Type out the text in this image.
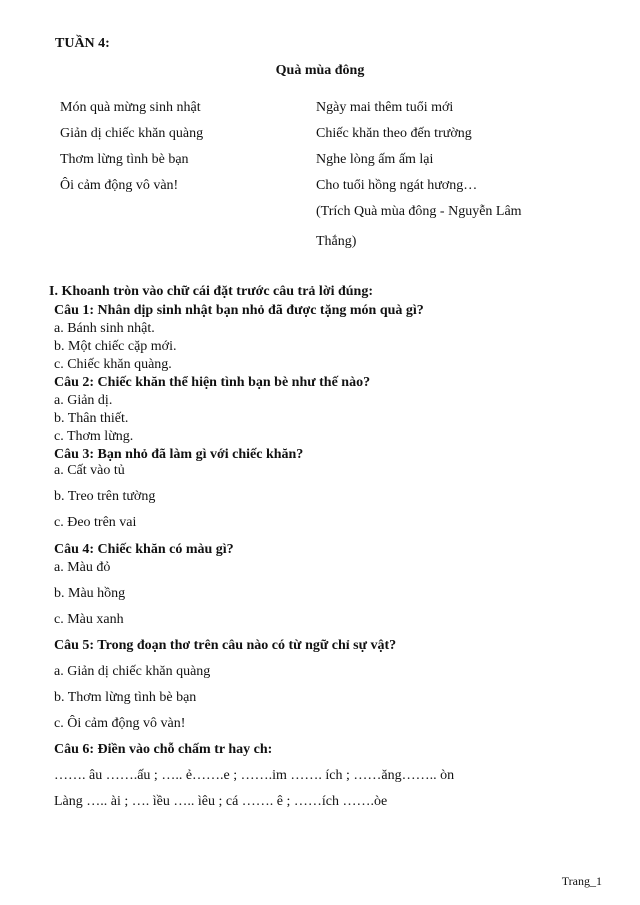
TUẦN 4:
Quà mùa đông
Món quà mừng sinh nhật
Giản dị chiếc khăn quàng
Thơm lừng tình bè bạn
Ôi cảm động vô vàn!
Ngày mai thêm tuổi mới
Chiếc khăn theo đến trường
Nghe lòng ấm ấm lại
Cho tuổi hồng ngát hương…
(Trích Quà mùa đông - Nguyễn Lâm Thắng)
I. Khoanh tròn vào chữ cái đặt trước câu trả lời đúng:
Câu 1: Nhân dịp sinh nhật bạn nhỏ đã được tặng món quà gì?
a. Bánh sinh nhật.
b. Một chiếc cặp mới.
c. Chiếc khăn quàng.
Câu 2: Chiếc khăn thể hiện tình bạn bè như thế nào?
a. Giản dị.
b. Thân thiết.
c. Thơm lừng.
Câu 3: Bạn nhỏ đã làm gì với chiếc khăn?
a. Cất vào tủ
b. Treo trên tường
c. Đeo trên vai
Câu 4: Chiếc khăn có màu gì?
a. Màu đỏ
b. Màu hồng
c. Màu xanh
Câu 5: Trong đoạn thơ trên câu nào có từ ngữ chỉ sự vật?
a. Giản dị chiếc khăn quàng
b. Thơm lừng tình bè bạn
c. Ôi cảm động vô vàn!
Câu 6: Điền vào chỗ chấm tr hay ch:
……. âu …….ấu ; ….. ẻ…….e ; …….im ……. ích ; ……ăng…….. òn
Làng ….. ài ; …. ìều ….. ìêu ; cá ……. ê ; ……ích …….òe
Trang_1
